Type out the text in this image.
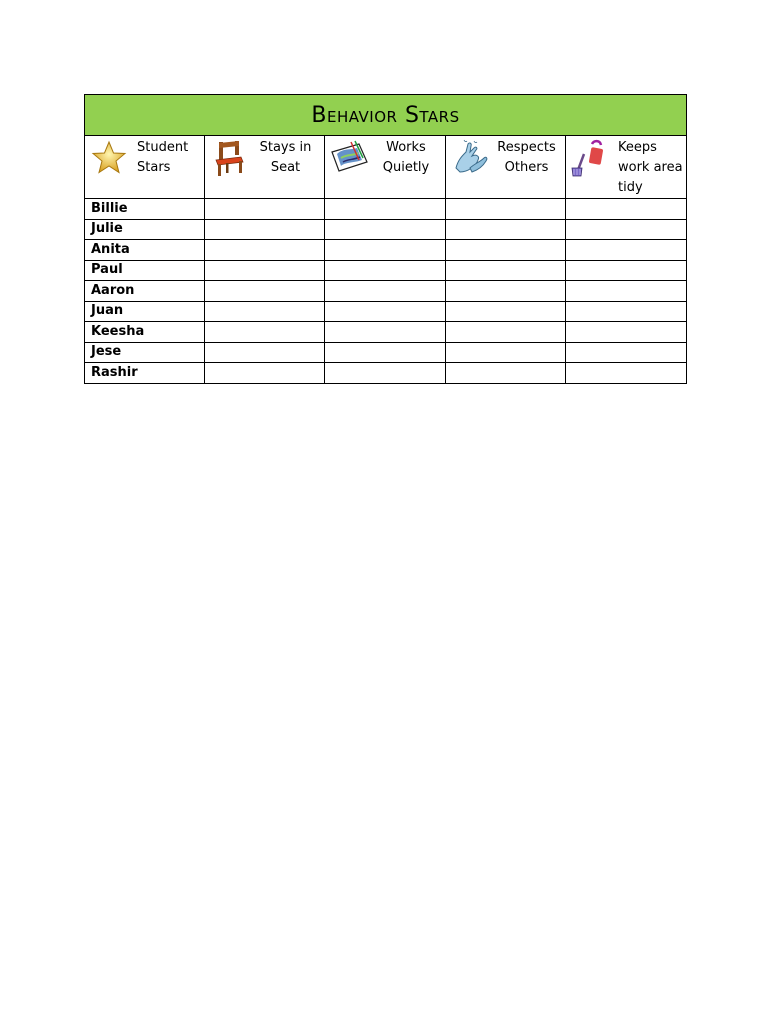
Behavior Stars				

Student Stars	Stays in Seat	Works Quietly	Respects Others	Keeps work area tidy

Billie				
Julie				
Anita				
Paul				
Aaron				
Juan				
Keesha				
Jese				
Rashir				
